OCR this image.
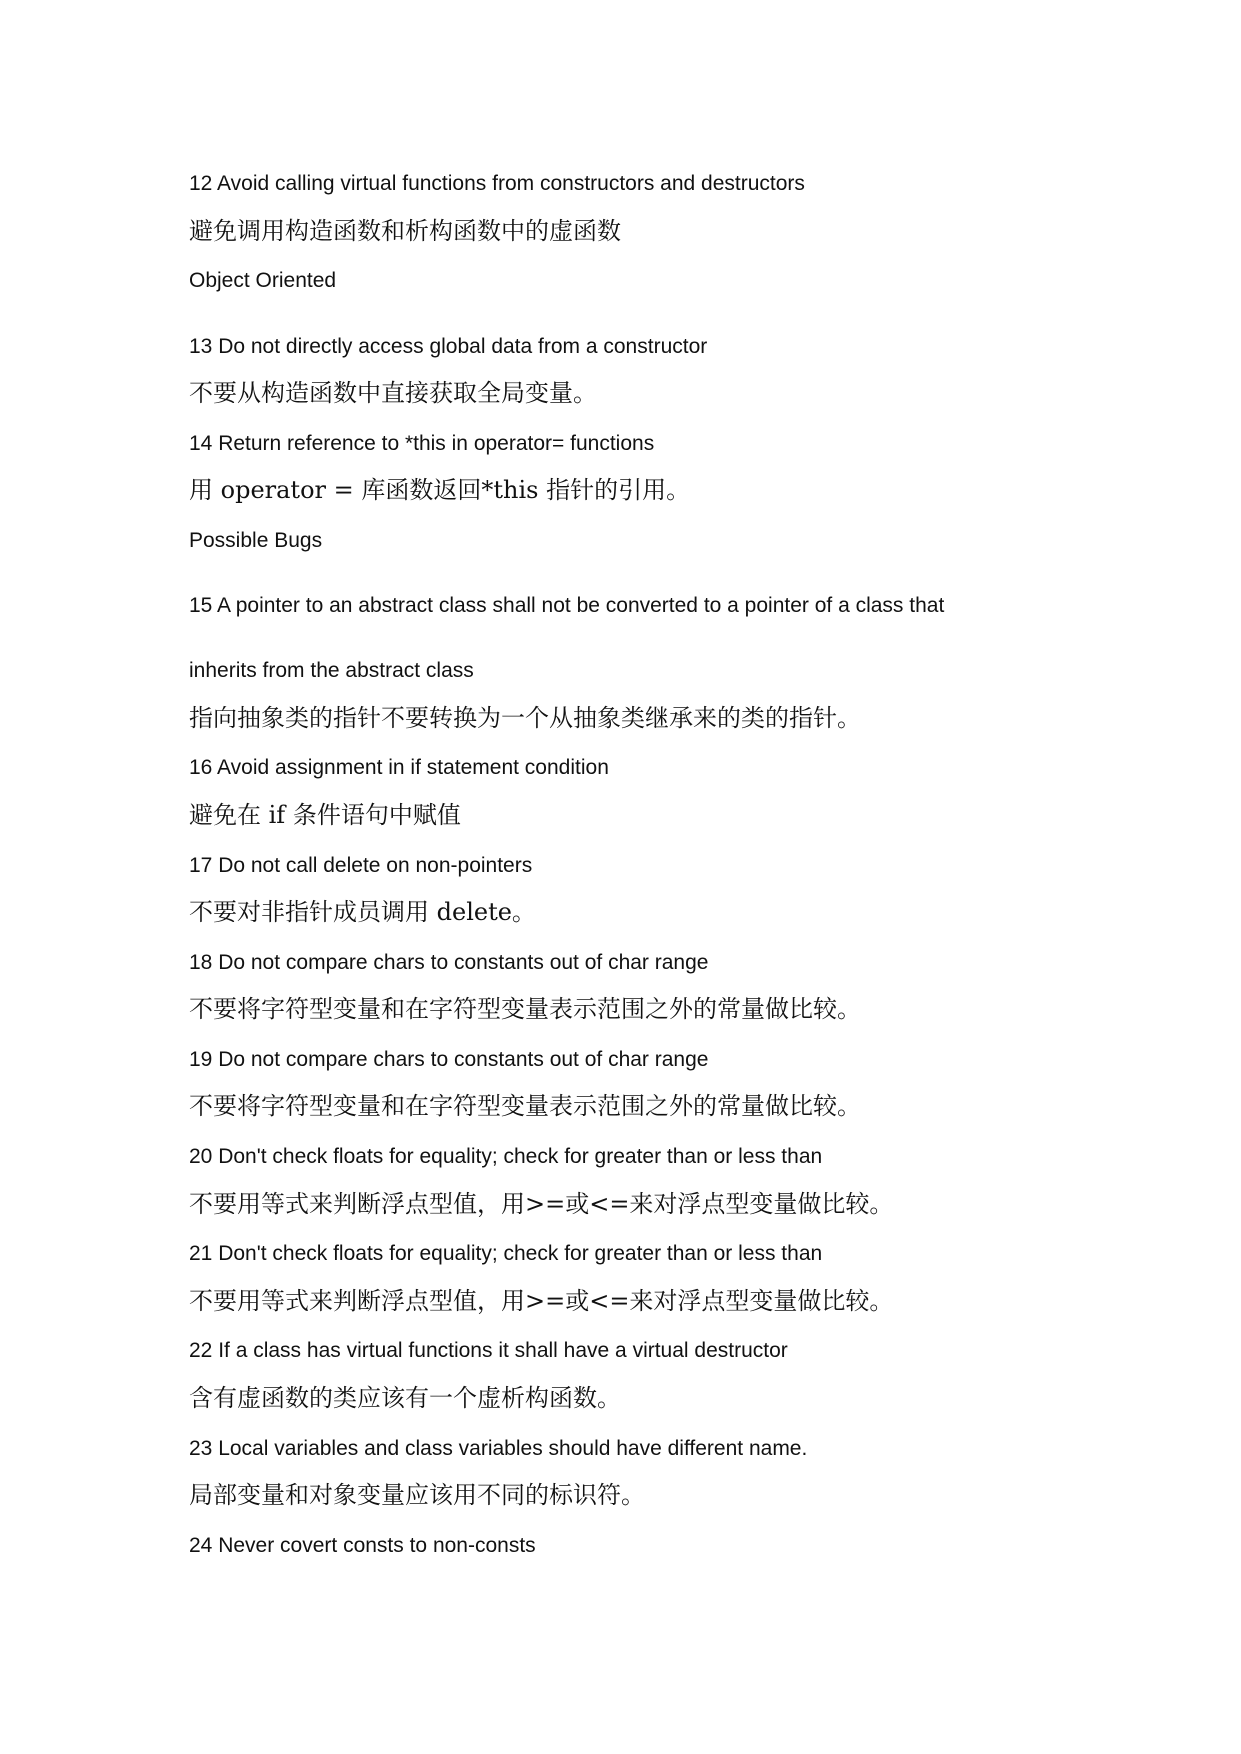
12 Avoid calling virtual functions from constructors and destructors

避免调用构造函数和析构函数中的虚函数

Object Oriented

13 Do not directly access global data from a constructor

不要从构造函数中直接获取全局变量。

14 Return reference to *this in operator= functions

用 operator = 库函数返回*this 指针的引用。

Possible Bugs

15 A pointer to an abstract class shall not be converted to a pointer of a class that

inherits from the abstract class

指向抽象类的指针不要转换为一个从抽象类继承来的类的指针。

16 Avoid assignment in if statement condition

避免在 if 条件语句中赋值

17 Do not call delete on non-pointers

不要对非指针成员调用 delete。

18 Do not compare chars to constants out of char range

不要将字符型变量和在字符型变量表示范围之外的常量做比较。

19 Do not compare chars to constants out of char range

不要将字符型变量和在字符型变量表示范围之外的常量做比较。

20 Don't check floats for equality; check for greater than or less than

不要用等式来判断浮点型值，用>=或<=来对浮点型变量做比较。

21 Don't check floats for equality; check for greater than or less than

不要用等式来判断浮点型值，用>=或<=来对浮点型变量做比较。

22 If a class has virtual functions it shall have a virtual destructor

含有虚函数的类应该有一个虚析构函数。

23 Local variables and class variables should have different name.

局部变量和对象变量应该用不同的标识符。

24 Never covert consts to non-consts
